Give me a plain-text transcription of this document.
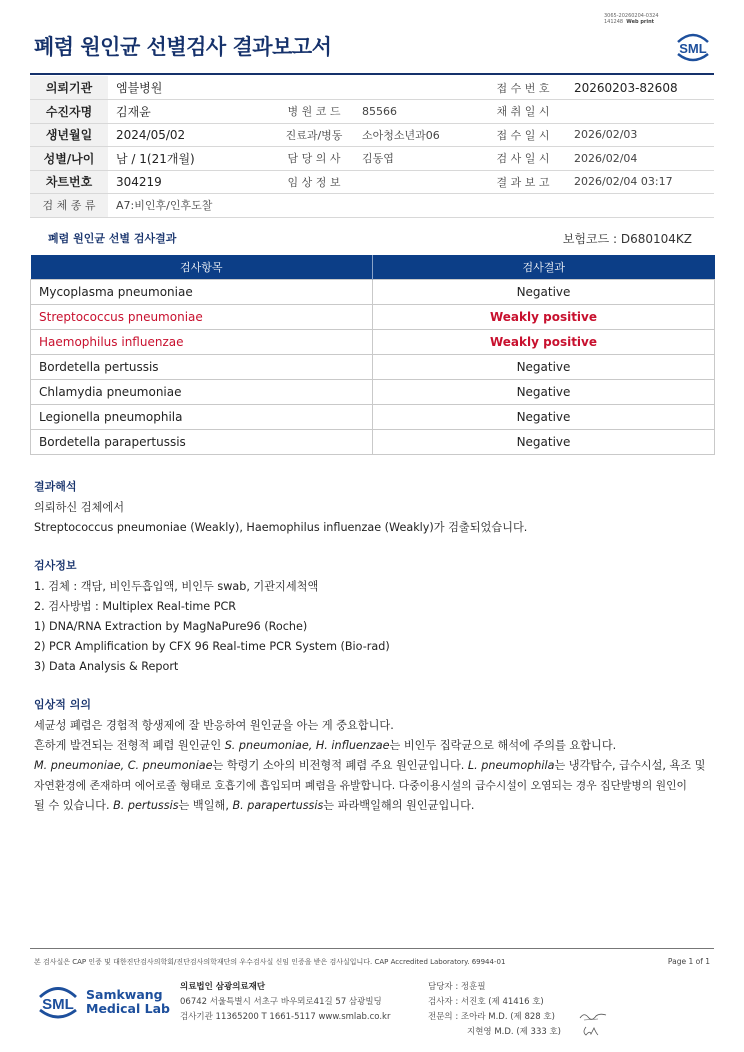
3065-20260204-0324
141248 Web print
폐렴 원인균 선별검사 결과보고서	SML
의뢰기관	엠블병원			접 수 번 호	20260203-82608
수진자명	김재윤	병 원 코 드	85566	채 취 일 시	
생년월일	2024/05/02	진료과/병동	소아청소년과06	접 수 일 시	2026/02/03
성별/나이	남 / 1(21개월)	담 당 의 사	김동엽	검 사 일 시	2026/02/04
차트번호	304219	임 상 정 보		결 과 보 고	2026/02/04 03:17
검 체 종 류	A7:비인후/인후도찰				
폐렴 원인균 선별 검사결과	보험코드 : D680104KZ
검사항목	검사결과
Mycoplasma pneumoniae	Negative
Streptococcus pneumoniae	Weakly positive
Haemophilus influenzae	Weakly positive
Bordetella pertussis	Negative
Chlamydia pneumoniae	Negative
Legionella pneumophila	Negative
Bordetella parapertussis	Negative
결과해석
의뢰하신 검체에서
Streptococcus pneumoniae (Weakly), Haemophilus influenzae (Weakly)가 검출되었습니다.
검사정보
1. 검체 : 객담, 비인두흡입액, 비인두 swab, 기관지세척액
2. 검사방법 : Multiplex Real-time PCR
1) DNA/RNA Extraction by MagNaPure96 (Roche)
2) PCR Amplification by CFX 96 Real-time PCR System (Bio-rad)
3) Data Analysis & Report
임상적 의의
세균성 폐렴은 경험적 항생제에 잘 반응하여 원인균을 아는 게 중요합니다.
흔하게 발견되는 전형적 폐렴 원인균인 S. pneumoniae, H. influenzae는 비인두 집락균으로 해석에 주의를 요합니다.
M. pneumoniae, C. pneumoniae는 학령기 소아의 비전형적 폐렴 주요 원인균입니다. L. pneumophila는 냉각탑수, 급수시설, 욕조 및
자연환경에 존재하며 에어로졸 형태로 호흡기에 흡입되며 폐렴을 유발합니다. 다중이용시설의 급수시설이 오염되는 경우 집단발병의 원인이
될 수 있습니다. B. pertussis는 백일해, B. parapertussis는 파라백일해의 원인균입니다.
본 검사실은 CAP 인증 및 대한진단검사의학회/진단검사의학재단의 우수검사실 신임 인증을 받은 검사실입니다. CAP Accredited Laboratory. 69944-01	Page 1 of 1
SML
Samkwang
Medical Lab
의료법인 삼광의료재단
06742 서울특별시 서초구 바우뫼로41길 57 삼광빌딩
검사기관 11365200 T 1661-5117 www.smlab.co.kr
담당자 : 정훈필
검사자 : 서진호 (제 41416 호)
전문의 : 조아라 M.D. (제 828 호)
지현영 M.D. (제 333 호)
